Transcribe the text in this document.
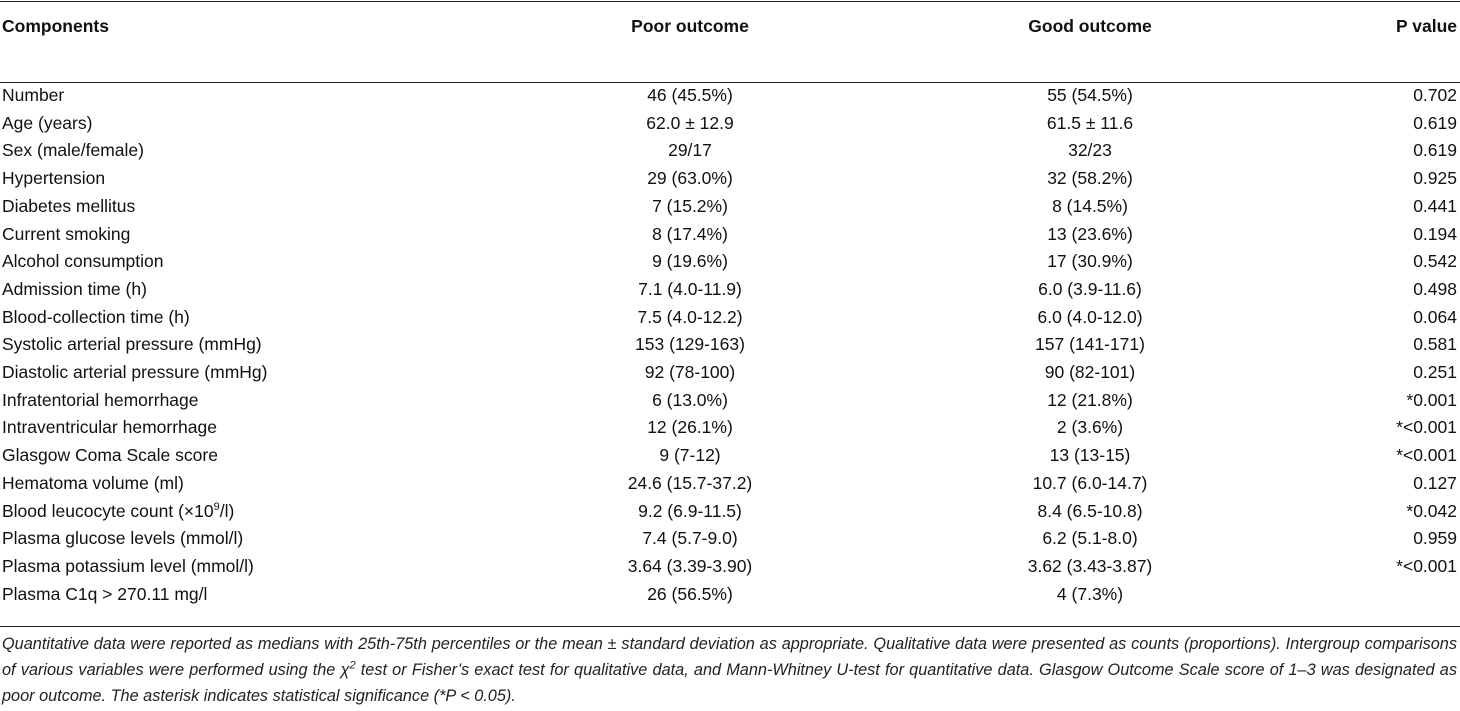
Components	Poor outcome	Good outcome	P value

Number	46 (45.5%)	55 (54.5%)	0.702
Age (years)	62.0 ± 12.9	61.5 ± 11.6	0.619
Sex (male/female)	29/17	32/23	0.619
Hypertension	29 (63.0%)	32 (58.2%)	0.925
Diabetes mellitus	7 (15.2%)	8 (14.5%)	0.441
Current smoking	8 (17.4%)	13 (23.6%)	0.194
Alcohol consumption	9 (19.6%)	17 (30.9%)	0.542
Admission time (h)	7.1 (4.0-11.9)	6.0 (3.9-11.6)	0.498
Blood-collection time (h)	7.5 (4.0-12.2)	6.0 (4.0-12.0)	0.064
Systolic arterial pressure (mmHg)	153 (129-163)	157 (141-171)	0.581
Diastolic arterial pressure (mmHg)	92 (78-100)	90 (82-101)	0.251
Infratentorial hemorrhage	6 (13.0%)	12 (21.8%)	*0.001
Intraventricular hemorrhage	12 (26.1%)	2 (3.6%)	*<0.001
Glasgow Coma Scale score	9 (7-12)	13 (13-15)	*<0.001
Hematoma volume (ml)	24.6 (15.7-37.2)	10.7 (6.0-14.7)	0.127
Blood leucocyte count $(\times 10^9/l)$	9.2 (6.9-11.5)	8.4 (6.5-10.8)	*0.042
Plasma glucose levels (mmol/l)	7.4 (5.7-9.0)	6.2 (5.1-8.0)	0.959
Plasma potassium level (mmol/l)	3.64 (3.39-3.90)	3.62 (3.43-3.87)	*<0.001
Plasma C1q > 270.11 mg/l	26 (56.5%)	4 (7.3%)	
Quantitative data were reported as medians with 25th-75th percentiles or the mean ± standard deviation as appropriate. Qualitative data were presented as counts (proportions). Intergroup comparisons of various variables were performed using the $\chi^2$ test or Fisher’s exact test for qualitative data, and Mann-Whitney U-test for quantitative data. Glasgow Outcome Scale score of 1–3 was designated as poor outcome. The asterisk indicates statistical significance (*P < 0.05).
